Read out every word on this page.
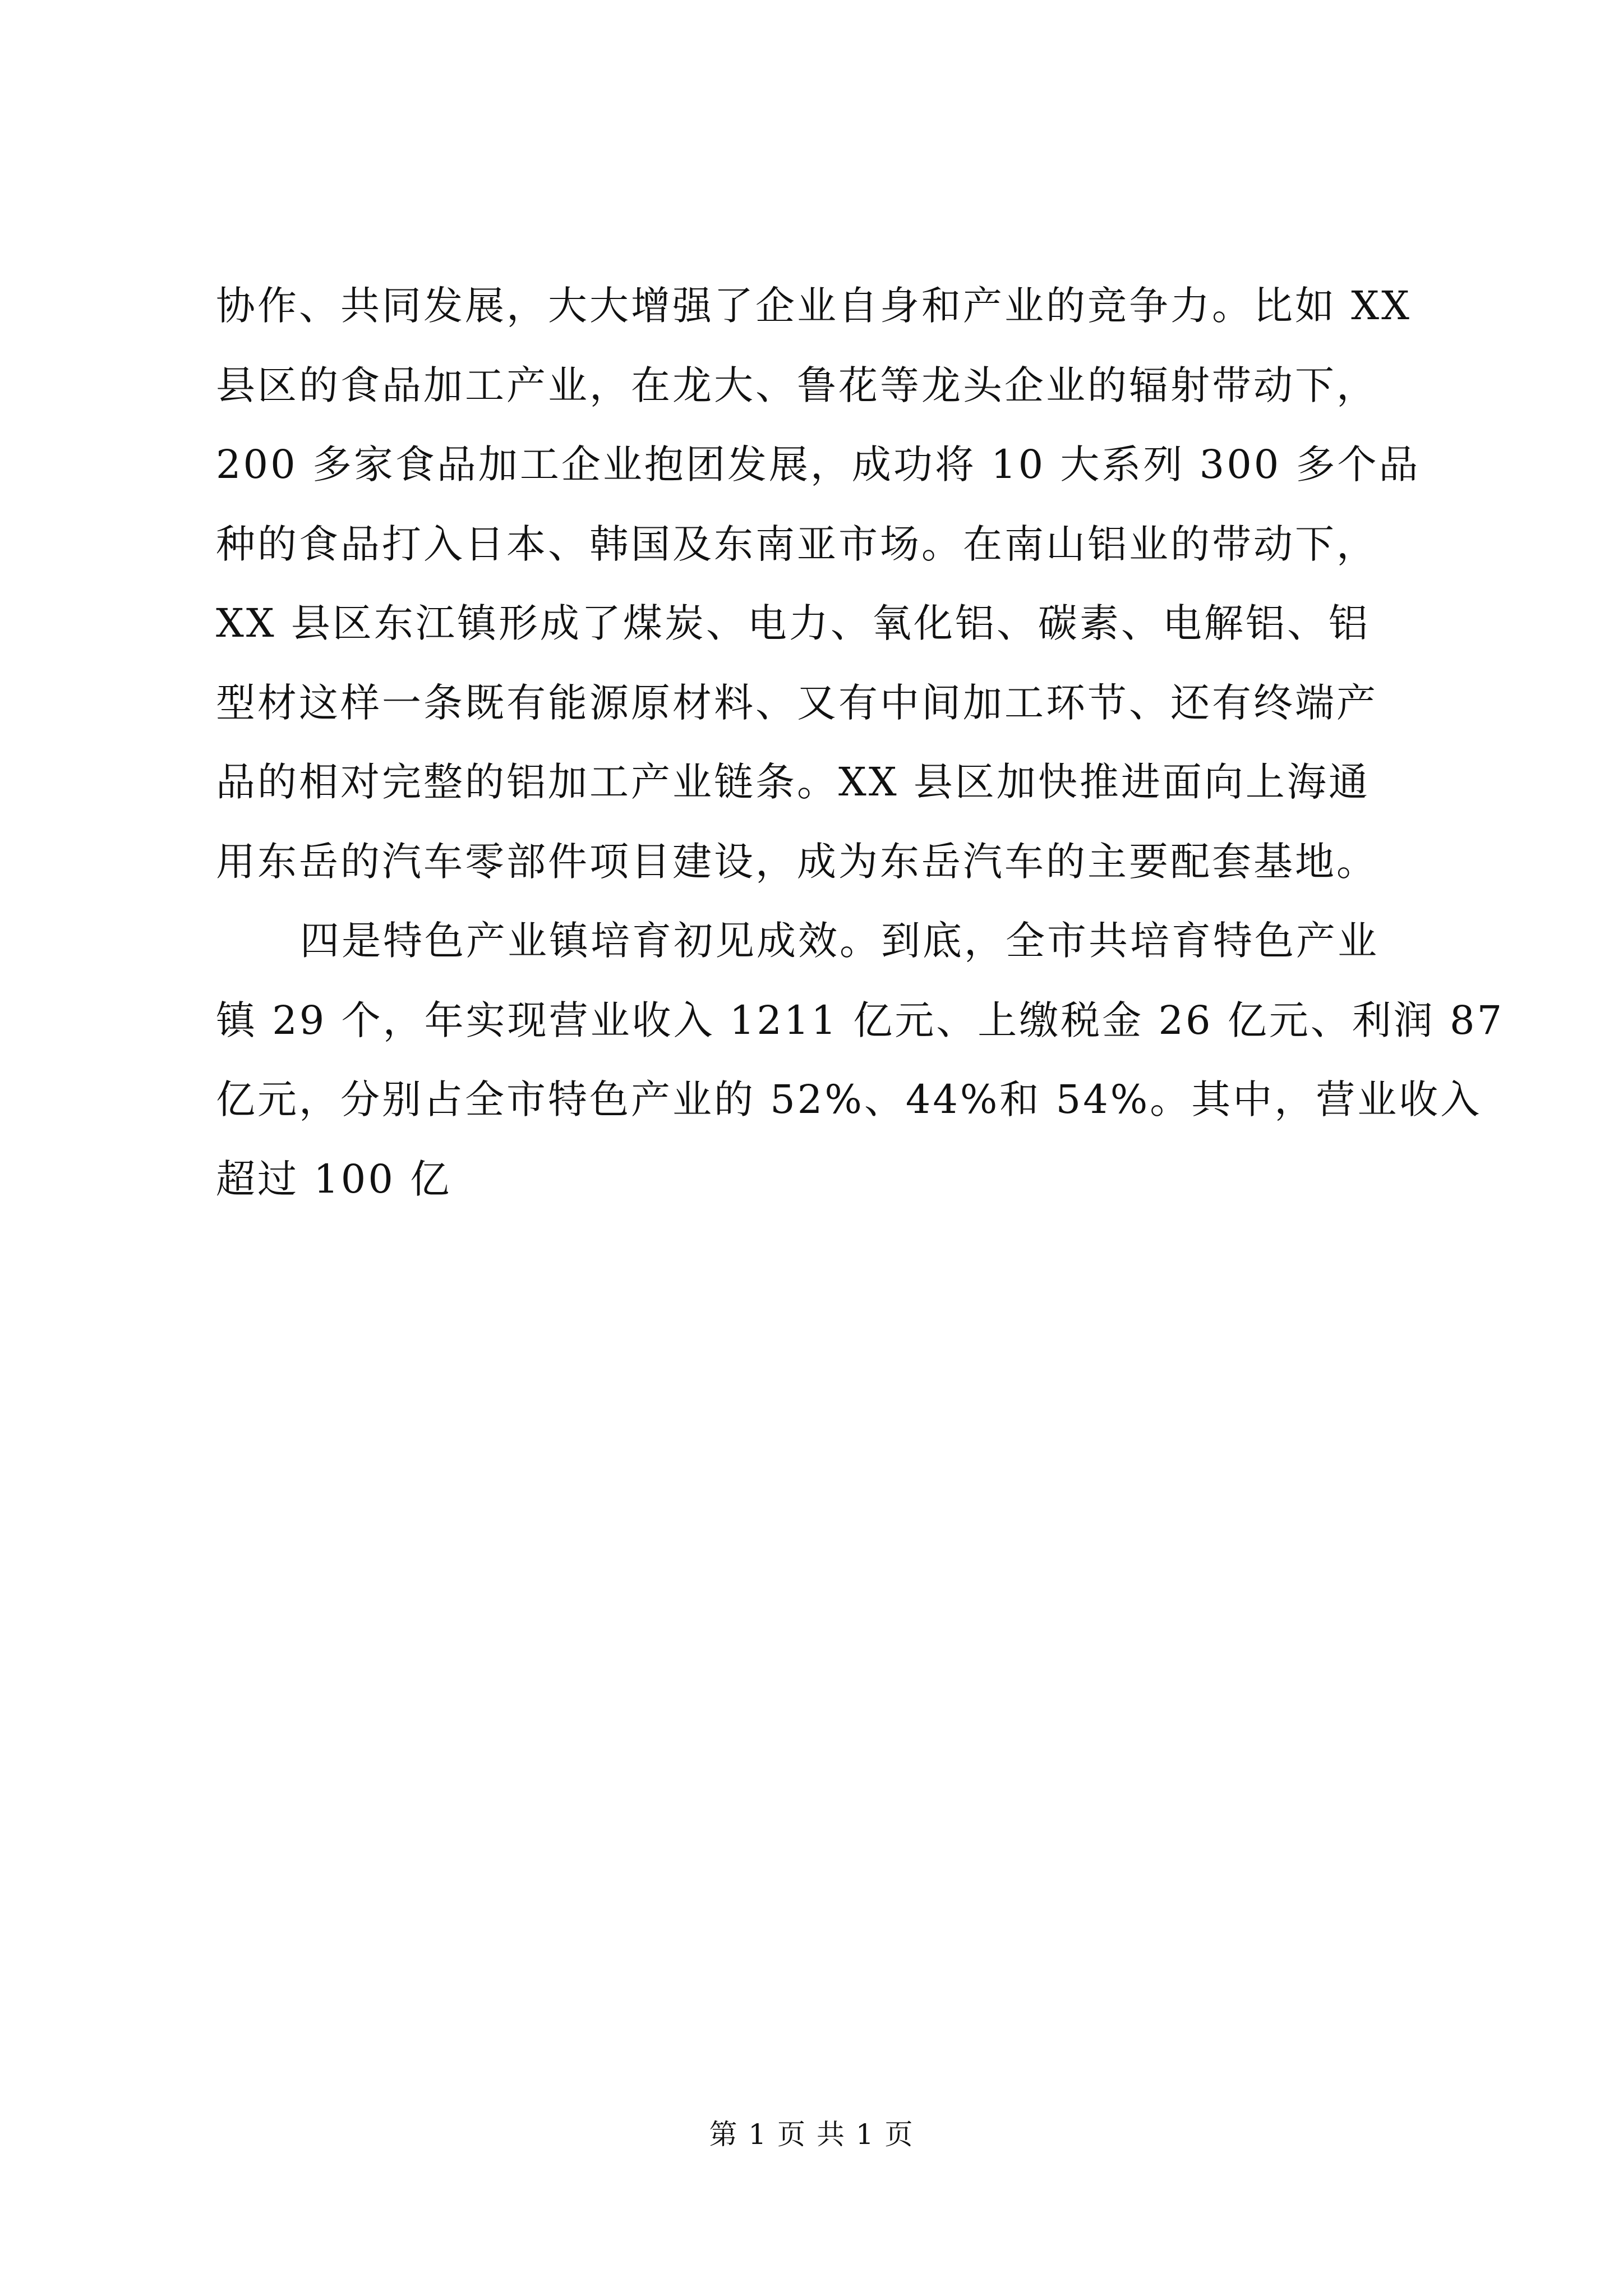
协作、共同发展，大大增强了企业自身和产业的竞争力。比如 XX
县区的食品加工产业，在龙大、鲁花等龙头企业的辐射带动下，
200 多家食品加工企业抱团发展，成功将 10 大系列 300 多个品
种的食品打入日本、韩国及东南亚市场。在南山铝业的带动下，
XX 县区东江镇形成了煤炭、电力、氧化铝、碳素、电解铝、铝
型材这样一条既有能源原材料、又有中间加工环节、还有终端产
品的相对完整的铝加工产业链条。XX 县区加快推进面向上海通
用东岳的汽车零部件项目建设，成为东岳汽车的主要配套基地。
四是特色产业镇培育初见成效。到底，全市共培育特色产业
镇 29 个，年实现营业收入 1211 亿元、上缴税金 26 亿元、利润 87
亿元，分别占全市特色产业的 52%、44%和 54%。其中，营业收入
超过 100 亿
第 1 页 共 1 页
